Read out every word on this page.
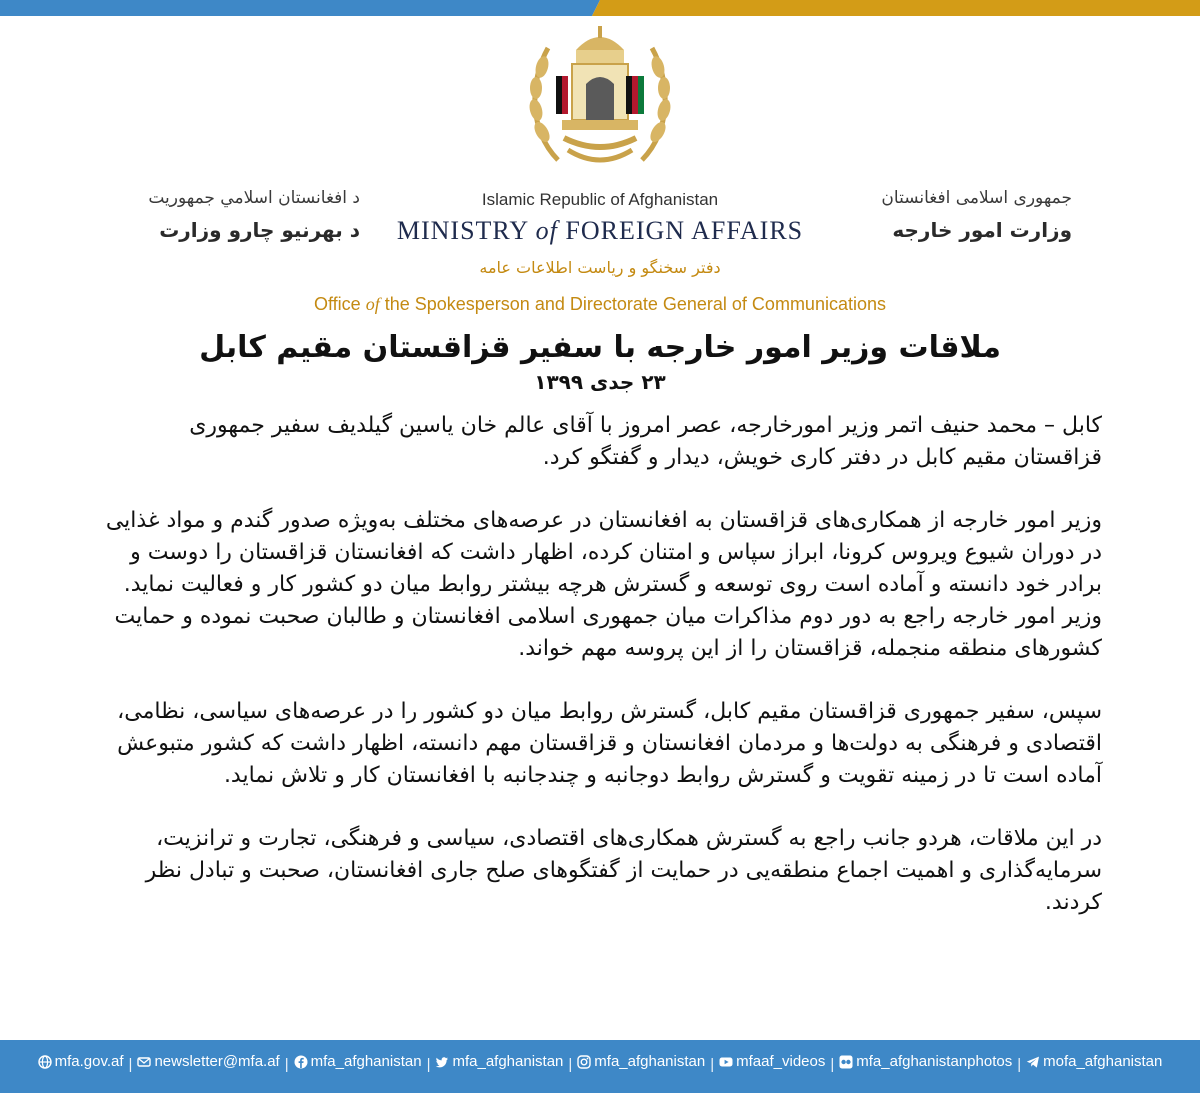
د افغانستان اسلامي جمهوریت
د بهرنیو چارو وزارت
Islamic Republic of Afghanistan
MINISTRY of FOREIGN AFFAIRS
جمهوری اسلامی افغانستان
وزارت امور خارجه
دفتر سخنگو و ریاست اطلاعات عامه
Office of the Spokesperson and Directorate General of Communications
ملاقات وزیر امور خارجه با سفیر قزاقستان مقیم کابل
۲۳ جدی ۱۳۹۹

کابل – محمد حنیف اتمر وزیر امورخارجه، عصر امروز با آقای عالم خان یاسین گیلدیف سفیر جمهوری قزاقستان مقیم کابل در دفتر کاری خویش، دیدار و گفتگو کرد.

وزیر امور خارجه از همکاری‌های قزاقستان به افغانستان در عرصه‌های مختلف به‌ویژه صدور گندم و مواد غذایی در دوران شیوع ویروس کرونا، ابراز سپاس و امتنان کرده، اظهار داشت که افغانستان قزاقستان را دوست و برادر خود دانسته و آماده است روی توسعه و گسترش هرچه بیشتر روابط میان دو کشور کار و فعالیت نماید. وزیر امور خارجه راجع به دور دوم مذاکرات میان جمهوری اسلامی افغانستان و طالبان صحبت نموده و حمایت کشورهای منطقه منجمله، قزاقستان را از این پروسه مهم خواند.

سپس، سفیر جمهوری قزاقستان مقیم کابل، گسترش روابط میان دو کشور را در عرصه‌های سیاسی، نظامی، اقتصادی و فرهنگی به دولت‌ها و مردمان افغانستان و قزاقستان مهم دانسته، اظهار داشت که کشور متبوعش آماده است تا در زمینه تقویت و گسترش روابط دوجانبه و چندجانبه با افغانستان کار و تلاش نماید.

در این ملاقات، هردو جانب راجع به گسترش همکاری‌های اقتصادی، سیاسی و فرهنگی، تجارت و ترانزیت، سرمایه‌گذاری و اهمیت اجماع منطقه‌یی در حمایت از گفتگوهای صلح جاری افغانستان، صحبت و تبادل نظر کردند.

mfa.gov.af | newsletter@mfa.af | mfa_afghanistan | mfa_afghanistan | mfa_afghanistan | mfaaf_videos | mfa_afghanistanphotos | mofa_afghanistan
